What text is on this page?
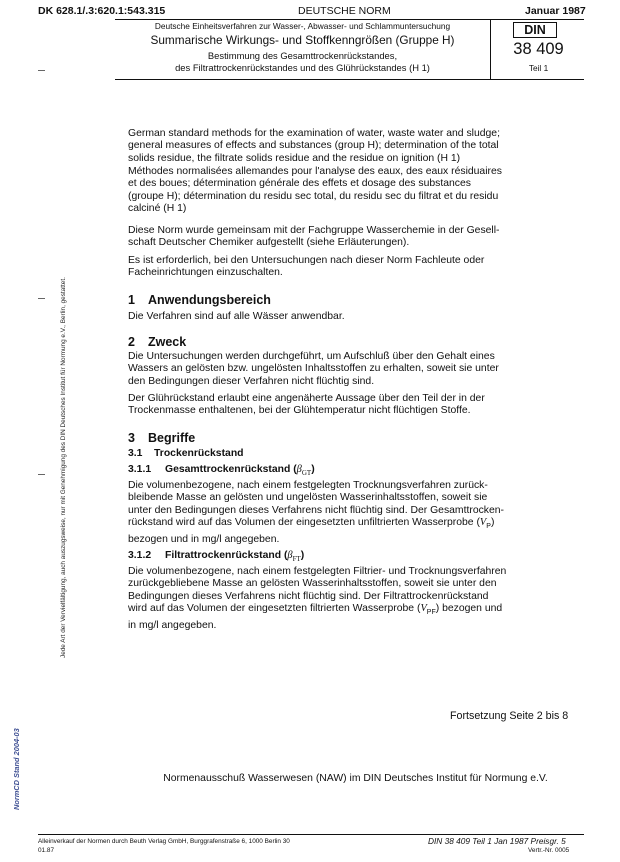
DK 628.1/.3:620.1:543.315	DEUTSCHE NORM	Januar 1987
Deutsche Einheitsverfahren zur Wasser-, Abwasser- und Schlammuntersuchung
Summarische Wirkungs- und Stoffkenngrößen (Gruppe H)
Bestimmung des Gesamttrockenrückstandes,
des Filtrattrockenrückstandes und des Glührückstandes (H 1)
DIN
38 409
Teil 1
Jede Art der Vervielfältigung, auch auszugsweise, nur mit Genehmigung des DIN Deutsches Institut für Normung e.V., Berlin, gestattet.
NormCD Stand 2004-03

German standard methods for the examination of water, waste water and sludge;

general measures of effects and substances (group H); determination of the total

solids residue, the filtrate solids residue and the residue on ignition (H 1)

Méthodes normalisées allemandes pour l'analyse des eaux, des eaux résiduaires

et des boues; détermination générale des effets et dosage des substances

(groupe H); détermination du residu sec total, du residu sec du filtrat et du residu

calciné (H 1)

Diese Norm wurde gemeinsam mit der Fachgruppe Wasserchemie in der Gesell-

schaft Deutscher Chemiker aufgestellt (siehe Erläuterungen).

Es ist erforderlich, bei den Untersuchungen nach dieser Norm Fachleute oder

Facheinrichtungen einzuschalten.

1 Anwendungsbereich
Die Verfahren sind auf alle Wässer anwendbar.
2 Zweck

Die Untersuchungen werden durchgeführt, um Aufschluß über den Gehalt eines

Wassers an gelösten bzw. ungelösten Inhaltsstoffen zu erhalten, soweit sie unter

den Bedingungen dieser Verfahren nicht flüchtig sind.

Der Glührückstand erlaubt eine angenäherte Aussage über den Teil der in der

Trockenmasse enthaltenen, bei der Glühtemperatur nicht flüchtigen Stoffe.

3 Begriffe
3.1 Trockenrückstand
3.1.1 Gesamttrockenrückstand $(\beta_{GT})$

Die volumenbezogene, nach einem festgelegten Trocknungsverfahren zurück-

bleibende Masse an gelösten und ungelösten Wasserinhaltsstoffen, soweit sie

unter den Bedingungen dieses Verfahrens nicht flüchtig sind. Der Gesamttrocken-

rückstand wird auf das Volumen der eingesetzten unfiltrierten Wasserprobe $(V_P)$

bezogen und in mg/l angegeben.

3.1.2 Filtrattrockenrückstand $(\beta_{FT})$

Die volumenbezogene, nach einem festgelegten Filtrier- und Trocknungsverfahren

zurückgebliebene Masse an gelösten Wasserinhaltsstoffen, soweit sie unter den

Bedingungen dieses Verfahrens nicht flüchtig sind. Der Filtrattrockenrückstand

wird auf das Volumen der eingesetzten filtrierten Wasserprobe $(V_{PF})$ bezogen und

in mg/l angegeben.

Fortsetzung Seite 2 bis 8
Normenausschuß Wasserwesen (NAW) im DIN Deutsches Institut für Normung e.V.
Alleinverkauf der Normen durch Beuth Verlag GmbH, Burggrafenstraße 6, 1000 Berlin 30
01.87
DIN 38 409 Teil 1 Jan 1987 Preisgr. 5
Vertr.-Nr. 0005
